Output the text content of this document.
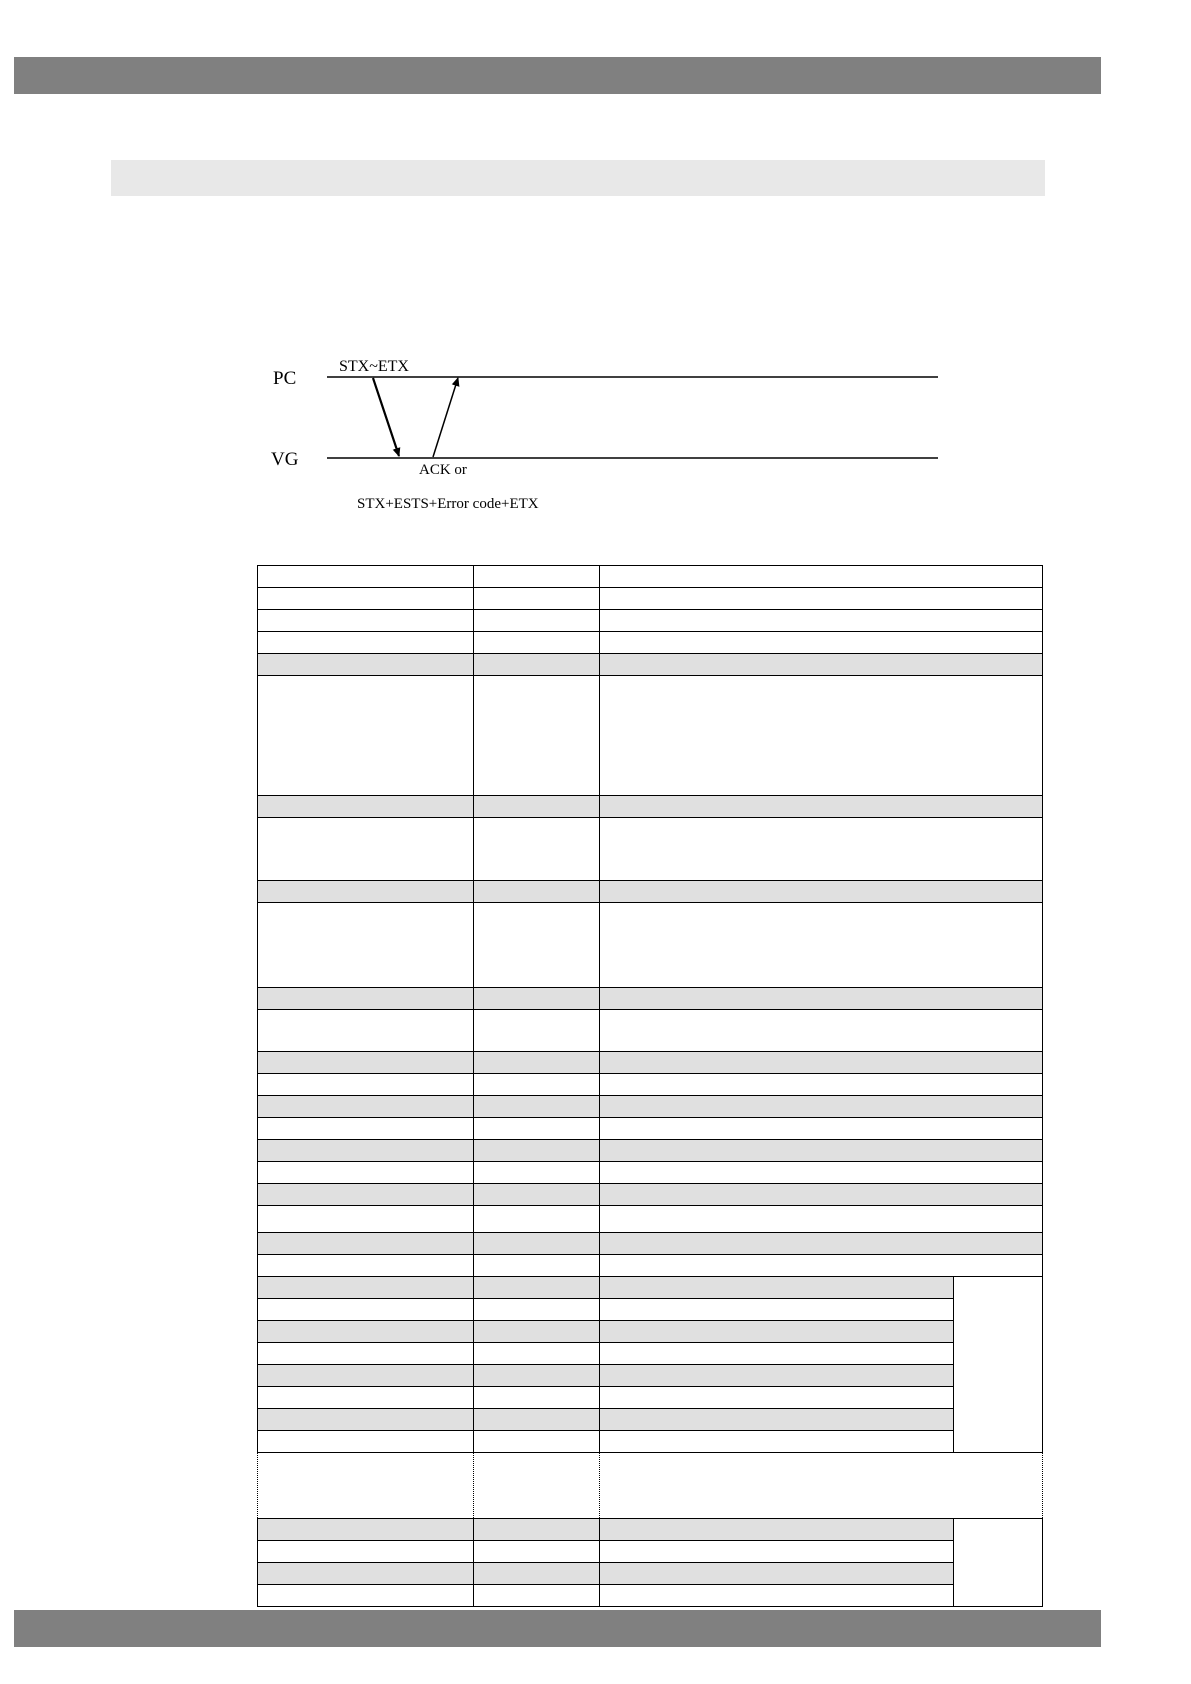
PC
VG
STX~ETX
ACK or
STX+ESTS+Error code+ETX
